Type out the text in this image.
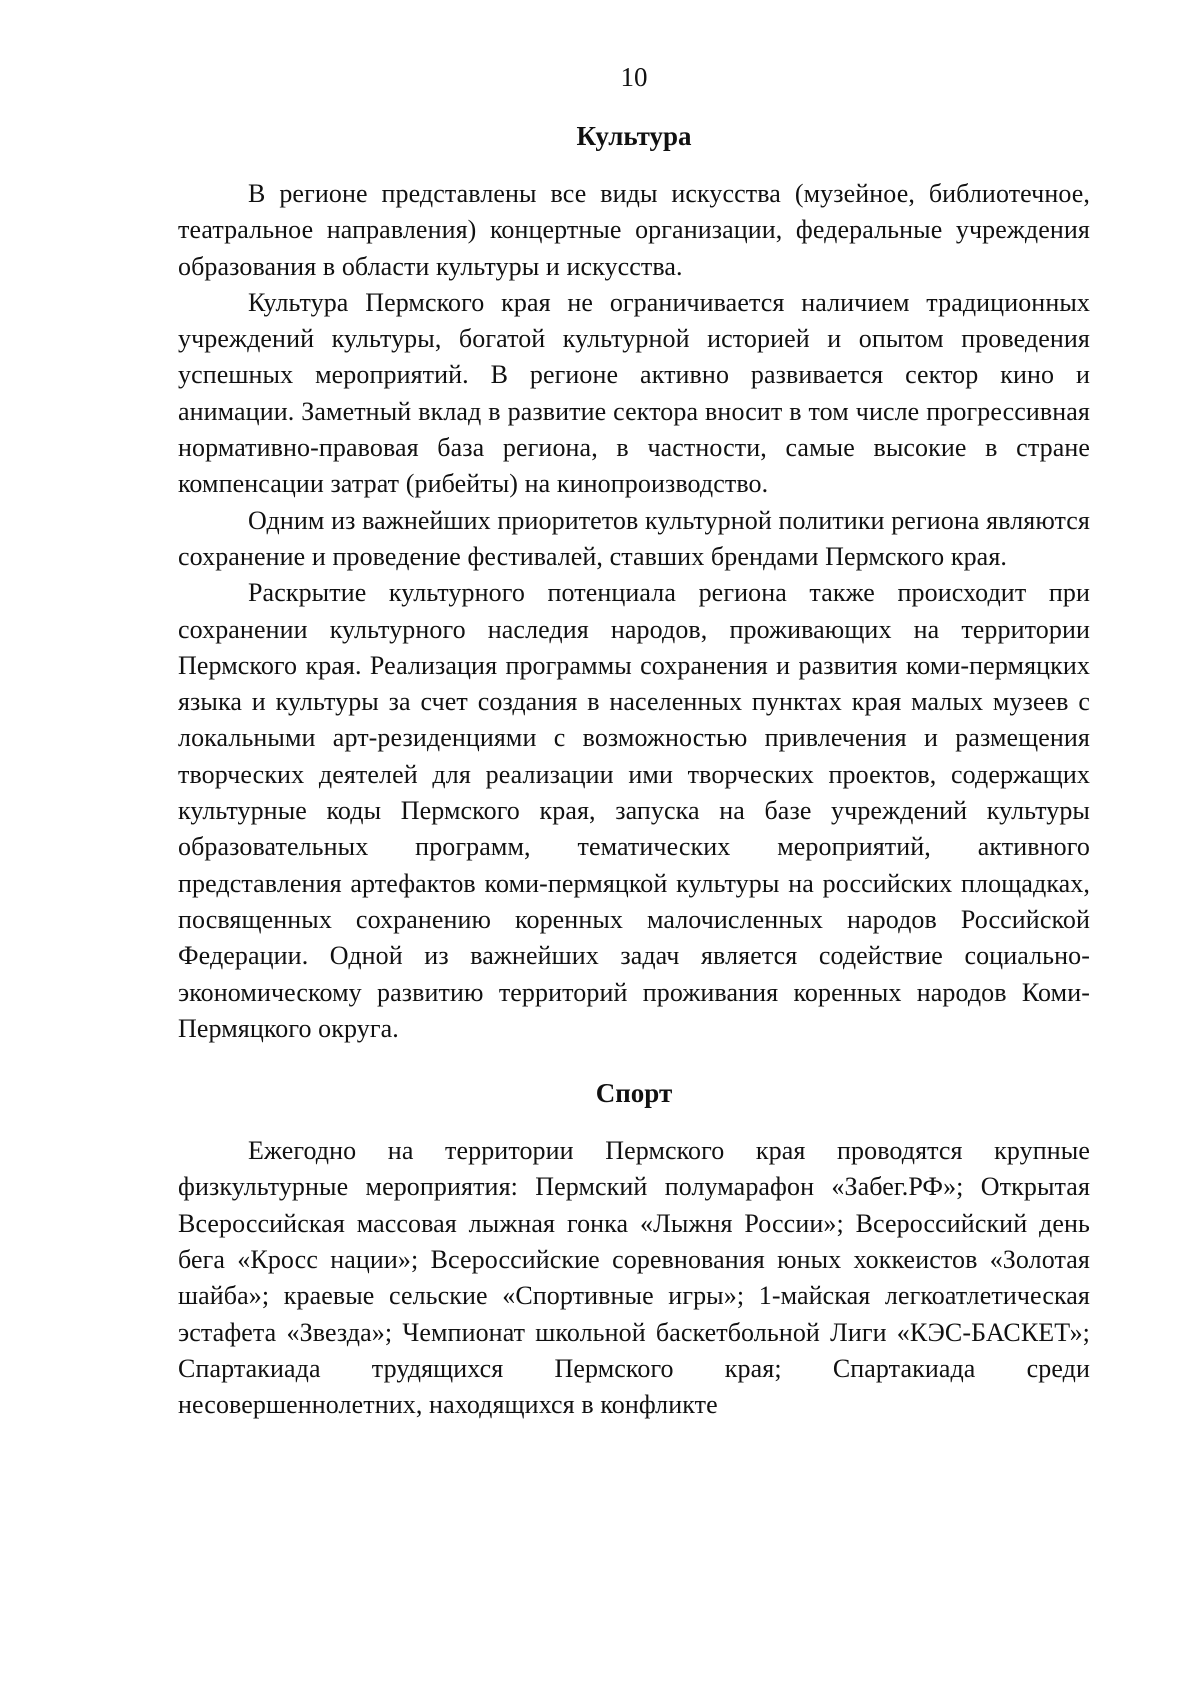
10
Культура

В регионе представлены все виды искусства (музейное, библиотечное, театральное направления) концертные организации, федеральные учреждения образования в области культуры и искусства.

Культура Пермского края не ограничивается наличием традиционных учреждений культуры, богатой культурной историей и опытом проведения успешных мероприятий. В регионе активно развивается сектор кино и анимации. Заметный вклад в развитие сектора вносит в том числе прогрессивная нормативно-правовая база региона, в частности, самые высокие в стране компенсации затрат (рибейты) на кинопроизводство.

Одним из важнейших приоритетов культурной политики региона являются сохранение и проведение фестивалей, ставших брендами Пермского края.

Раскрытие культурного потенциала региона также происходит при сохранении культурного наследия народов, проживающих на территории Пермского края. Реализация программы сохранения и развития коми-пермяцких языка и культуры за счет создания в населенных пунктах края малых музеев с локальными арт-резиденциями с возможностью привлечения и размещения творческих деятелей для реализации ими творческих проектов, содержащих культурные коды Пермского края, запуска на базе учреждений культуры образовательных программ, тематических мероприятий, активного представления артефактов коми-пермяцкой культуры на российских площадках, посвященных сохранению коренных малочисленных народов Российской Федерации. Одной из важнейших задач является содействие социально-экономическому развитию территорий проживания коренных народов Коми-Пермяцкого округа.

Спорт

Ежегодно на территории Пермского края проводятся крупные физкультурные мероприятия: Пермский полумарафон «Забег.РФ»; Открытая Всероссийская массовая лыжная гонка «Лыжня России»; Всероссийский день бега «Кросс нации»; Всероссийские соревнования юных хоккеистов «Золотая шайба»; краевые сельские «Спортивные игры»; 1-майская легкоатлетическая эстафета «Звезда»; Чемпионат школьной баскетбольной Лиги «КЭС-БАСКЕТ»; Спартакиада трудящихся Пермского края; Спартакиада среди несовершеннолетних, находящихся в конфликте
